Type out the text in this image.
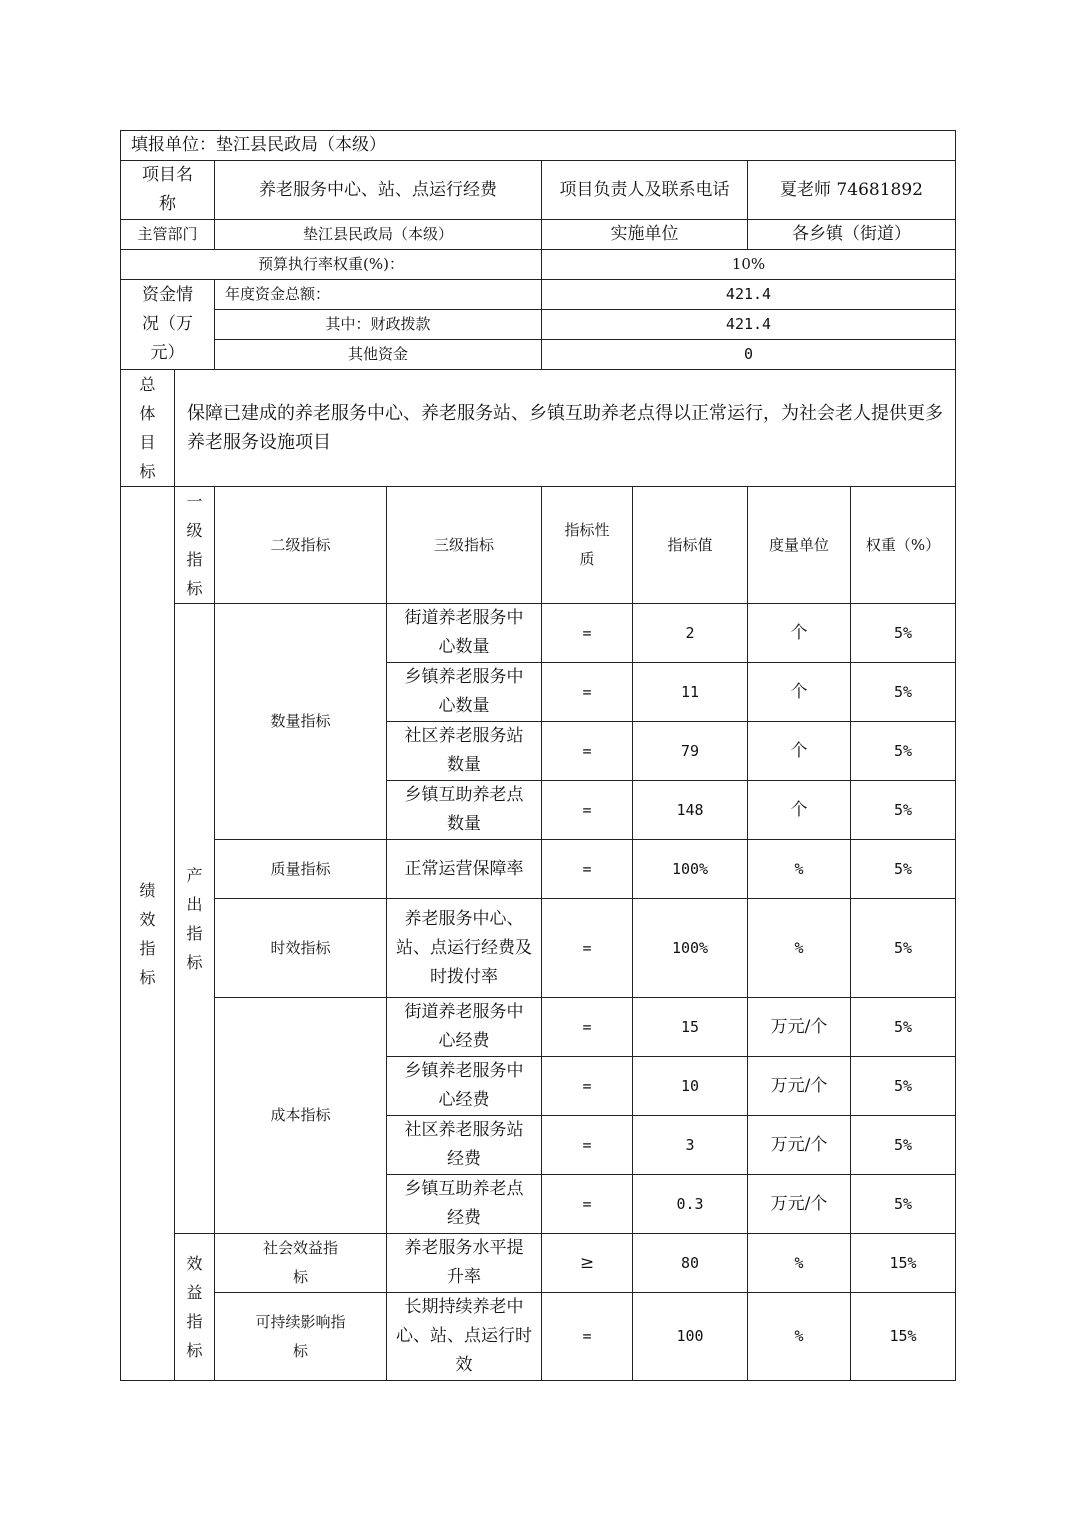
填报单位：垫江县民政局（本级）							
项目名称		养老服务中心、站、点运行经费		项目负责人及联系电话		夏老师 74681892	
主管部门		垫江县民政局（本级）		实施单位		各乡镇（街道）	
预算执行率权重(%)：				10%			
资金情况（万元）		年度资金总额：		421.4			
		其中：财政拨款		421.4			
		其他资金		0			
总体目标	保障已建成的养老服务中心、养老服务站、乡镇互助养老点得以正常运行，为社会老人提供更多养老服务设施项目						
绩效指标	一级指标	二级指标	三级指标	指标性质	指标值	度量单位	权重（%）
	产出指标	数量指标	街道养老服务中心数量	=	2	个	5%
			乡镇养老服务中心数量	=	11	个	5%
			社区养老服务站数量	=	79	个	5%
			乡镇互助养老点数量	=	148	个	5%
		质量指标	正常运营保障率	=	100%	%	5%
		时效指标	养老服务中心、站、点运行经费及时拨付率	=	100%	%	5%
		成本指标	街道养老服务中心经费	=	15	万元/个	5%
			乡镇养老服务中心经费	=	10	万元/个	5%
			社区养老服务站经费	=	3	万元/个	5%
			乡镇互助养老点经费	=	0.3	万元/个	5%
	效益指标	社会效益指标	养老服务水平提升率	≥	80	%	15%
		可持续影响指标	长期持续养老中心、站、点运行时效	=	100	%	15%
